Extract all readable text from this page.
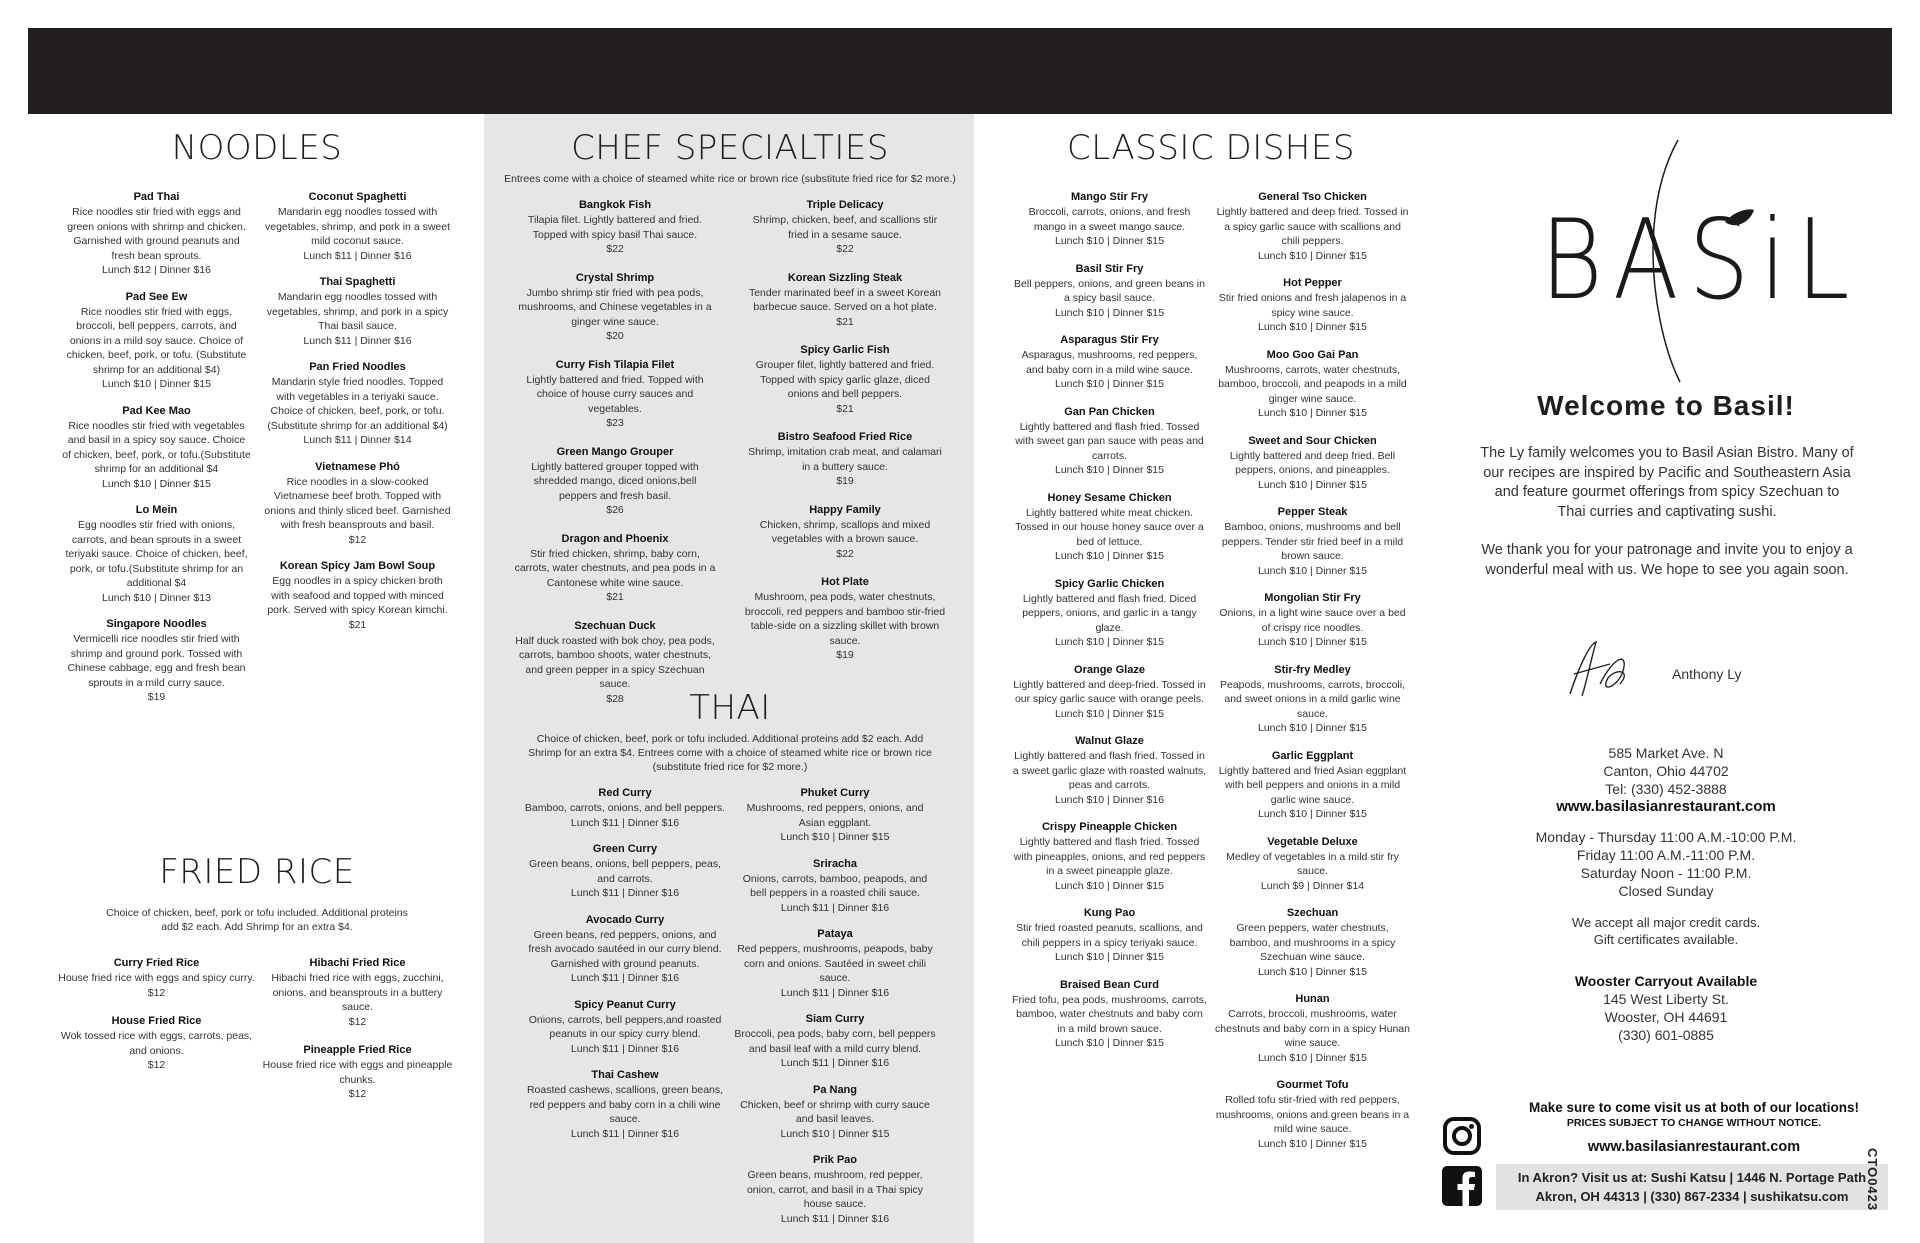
NOODLES
Pad Thai
Rice noodles stir fried with eggs and green onions with shrimp and chicken. Garnished with ground peanuts and fresh bean sprouts.
Lunch $12 | Dinner $16
Pad See Ew
Rice noodles stir fried with eggs, broccoli, bell peppers, carrots, and onions in a mild soy sauce. Choice of chicken, beef, pork, or tofu. (Substitute shrimp for an additional $4)
Lunch $10 | Dinner $15
Pad Kee Mao
Rice noodles stir fried with vegetables and basil in a spicy soy sauce. Choice of chicken, beef, pork, or tofu.(Substitute shrimp for an additional $4
Lunch $10 | Dinner $15
Lo Mein
Egg noodles stir fried with onions, carrots, and bean sprouts in a sweet teriyaki sauce. Choice of chicken, beef, pork, or tofu.(Substitute shrimp for an additional $4
Lunch $10 | Dinner $13
Singapore Noodles
Vermicelli rice noodles stir fried with shrimp and ground pork. Tossed with Chinese cabbage, egg and fresh bean sprouts in a mild curry sauce.
$19
Coconut Spaghetti
Mandarin egg noodles tossed with vegetables, shrimp, and pork in a sweet mild coconut sauce.
Lunch $11 | Dinner $16
Thai Spaghetti
Mandarin egg noodles tossed with vegetables, shrimp, and pork in a spicy Thai basil sauce.
Lunch $11 | Dinner $16
Pan Fried Noodles
Mandarin style fried noodles. Topped with vegetables in a teriyaki sauce. Choice of chicken, beef, pork, or tofu.(Substitute shrimp for an additional $4)
Lunch $11 | Dinner $14
Vietnamese Phó
Rice noodles in a slow-cooked Vietnamese beef broth. Topped with onions and thinly sliced beef. Garnished with fresh beansprouts and basil.
$12
Korean Spicy Jam Bowl Soup
Egg noodles in a spicy chicken broth with seafood and topped with minced pork. Served with spicy Korean kimchi.
$21
FRIED RICE
Choice of chicken, beef, pork or tofu included. Additional proteins add $2 each. Add Shrimp for an extra $4.
Curry Fried Rice
House fried rice with eggs and spicy curry.
$12
House Fried Rice
Wok tossed rice with eggs, carrots, peas, and onions.
$12
Hibachi Fried Rice
Hibachi fried rice with eggs, zucchini, onions, and beansprouts in a buttery sauce.
$12
Pineapple Fried Rice
House fried rice with eggs and pineapple chunks.
$12
CHEF SPECIALTIES
Entrees come with a choice of steamed white rice or brown rice (substitute fried rice for $2 more.)
Bangkok Fish
Tilapia filet. Lightly battered and fried. Topped with spicy basil Thai sauce.
$22
Crystal Shrimp
Jumbo shrimp stir fried with pea pods, mushrooms, and Chinese vegetables in a ginger wine sauce.
$20
Curry Fish Tilapia Filet
Lightly battered and fried. Topped with choice of house curry sauces and vegetables.
$23
Green Mango Grouper
Lightly battered grouper topped with shredded mango, diced onions,bell peppers and fresh basil.
$26
Dragon and Phoenix
Stir fried chicken, shrimp, baby corn, carrots, water chestnuts, and pea pods in a Cantonese white wine sauce.
$21
Szechuan Duck
Half duck roasted with bok choy, pea pods, carrots, bamboo shoots, water chestnuts, and green pepper in a spicy Szechuan sauce.
$28
Triple Delicacy
Shrimp, chicken, beef, and scallions stir fried in a sesame sauce.
$22
Korean Sizzling Steak
Tender marinated beef in a sweet Korean barbecue sauce. Served on a hot plate.
$21
Spicy Garlic Fish
Grouper filet, lightly battered and fried. Topped with spicy garlic glaze, diced onions and bell peppers.
$21
Bistro Seafood Fried Rice
Shrimp, imitation crab meat, and calamari in a buttery sauce.
$19
Happy Family
Chicken, shrimp, scallops and mixed vegetables with a brown sauce.
$22
Hot Plate
Mushroom, pea pods, water chestnuts, broccoli, red peppers and bamboo stir-fried table-side on a sizzling skillet with brown sauce.
$19
THAI
Choice of chicken, beef, pork or tofu included. Additional proteins add $2 each. Add Shrimp for an extra $4. Entrees come with a choice of steamed white rice or brown rice (substitute fried rice for $2 more.)
Red Curry
Bamboo, carrots, onions, and bell peppers.
Lunch $11 | Dinner $16
Green Curry
Green beans, onions, bell peppers, peas, and carrots.
Lunch $11 | Dinner $16
Avocado Curry
Green beans, red peppers, onions, and fresh avocado sautéed in our curry blend. Garnished with ground peanuts.
Lunch $11 | Dinner $16
Spicy Peanut Curry
Onions, carrots, bell peppers,and roasted peanuts in our spicy curry blend.
Lunch $11 | Dinner $16
Thai Cashew
Roasted cashews, scallions, green beans, red peppers and baby corn in a chili wine sauce.
Lunch $11 | Dinner $16
Phuket Curry
Mushrooms, red peppers, onions, and Asian eggplant.
Lunch $10 | Dinner $15
Sriracha
Onions, carrots, bamboo, peapods, and bell peppers in a roasted chili sauce.
Lunch $11 | Dinner $16
Pataya
Red peppers, mushrooms, peapods, baby corn and onions. Sautéed in sweet chili sauce.
Lunch $11 | Dinner $16
Siam Curry
Broccoli, pea pods, baby corn, bell peppers and basil leaf with a mild curry blend.
Lunch $11 | Dinner $16
Pa Nang
Chicken, beef or shrimp with curry sauce and basil leaves.
Lunch $10 | Dinner $15
Prik Pao
Green beans, mushroom, red pepper, onion, carrot, and basil in a Thai spicy house sauce.
Lunch $11 | Dinner $16
CLASSIC DISHES
Mango Stir Fry
Broccoli, carrots, onions, and fresh mango in a sweet mango sauce.
Lunch $10 | Dinner $15
Basil Stir Fry
Bell peppers, onions, and green beans in a spicy basil sauce.
Lunch $10 | Dinner $15
Asparagus Stir Fry
Asparagus, mushrooms, red peppers, and baby corn in a mild wine sauce.
Lunch $10 | Dinner $15
Gan Pan Chicken
Lightly battered and flash fried. Tossed with sweet gan pan sauce with peas and carrots.
Lunch $10 | Dinner $15
Honey Sesame Chicken
Lightly battered white meat chicken. Tossed in our house honey sauce over a bed of lettuce.
Lunch $10 | Dinner $15
Spicy Garlic Chicken
Lightly battered and flash fried. Diced peppers, onions, and garlic in a tangy glaze.
Lunch $10 | Dinner $15
Orange Glaze
Lightly battered and deep-fried. Tossed in our spicy garlic sauce with orange peels.
Lunch $10 | Dinner $15
Walnut Glaze
Lightly battered and flash fried. Tossed in a sweet garlic glaze with roasted walnuts, peas and carrots.
Lunch $10 | Dinner $16
Crispy Pineapple Chicken
Lightly battered and flash fried. Tossed with pineapples, onions, and red peppers in a sweet pineapple glaze.
Lunch $10 | Dinner $15
Kung Pao
Stir fried roasted peanuts, scallions, and chili peppers in a spicy teriyaki sauce.
Lunch $10 | Dinner $15
Braised Bean Curd
Fried tofu, pea pods, mushrooms, carrots, bamboo, water chestnuts and baby corn in a mild brown sauce.
Lunch $10 | Dinner $15
General Tso Chicken
Lightly battered and deep fried. Tossed in a spicy garlic sauce with scallions and chili peppers.
Lunch $10 | Dinner $15
Hot Pepper
Stir fried onions and fresh jalapenos in a spicy wine sauce.
Lunch $10 | Dinner $15
Moo Goo Gai Pan
Mushrooms, carrots, water chestnuts, bamboo, broccoli, and peapods in a mild ginger wine sauce.
Lunch $10 | Dinner $15
Sweet and Sour Chicken
Lightly battered and deep fried. Bell peppers, onions, and pineapples.
Lunch $10 | Dinner $15
Pepper Steak
Bamboo, onions, mushrooms and bell peppers. Tender stir fried beef in a mild brown sauce.
Lunch $10 | Dinner $15
Mongolian Stir Fry
Onions, in a light wine sauce over a bed of crispy rice noodles.
Lunch $10 | Dinner $15
Stir-fry Medley
Peapods, mushrooms, carrots, broccoli, and sweet onions in a mild garlic wine sauce.
Lunch $10 | Dinner $15
Garlic Eggplant
Lightly battered and fried Asian eggplant with bell peppers and onions in a mild garlic wine sauce.
Lunch $10 | Dinner $15
Vegetable Deluxe
Medley of vegetables in a mild stir fry sauce.
Lunch $9 | Dinner $14
Szechuan
Green peppers, water chestnuts, bamboo, and mushrooms in a spicy Szechuan wine sauce.
Lunch $10 | Dinner $15
Hunan
Carrots, broccoli, mushrooms, water chestnuts and baby corn in a spicy Hunan wine sauce.
Lunch $10 | Dinner $15
Gourmet Tofu
Rolled tofu stir-fried with red peppers, mushrooms, onions and green beans in a mild wine sauce.
Lunch $10 | Dinner $15
BASiL
Welcome to Basil!

The Ly family welcomes you to Basil Asian Bistro. Many of our recipes are inspired by Pacific and Southeastern Asia and feature gourmet offerings from spicy Szechuan to Thai curries and captivating sushi.

We thank you for your patronage and invite you to enjoy a wonderful meal with us. We hope to see you again soon.

Anthony Ly
585 Market Ave. N
Canton, Ohio 44702
Tel: (330) 452-3888
www.basilasianrestaurant.com
Monday - Thursday 11:00 A.M.-10:00 P.M.
Friday 11:00 A.M.-11:00 P.M.
Saturday Noon - 11:00 P.M.
Closed Sunday
We accept all major credit cards.
Gift certificates available.
Wooster Carryout Available
145 West Liberty St.
Wooster, OH 44691
(330) 601-0885
Make sure to come visit us at both of our locations!
PRICES SUBJECT TO CHANGE WITHOUT NOTICE.
www.basilasianrestaurant.com
In Akron? Visit us at: Sushi Katsu | 1446 N. Portage Path
Akron, OH 44313 | (330) 867-2334 | sushikatsu.com	CTO0423
